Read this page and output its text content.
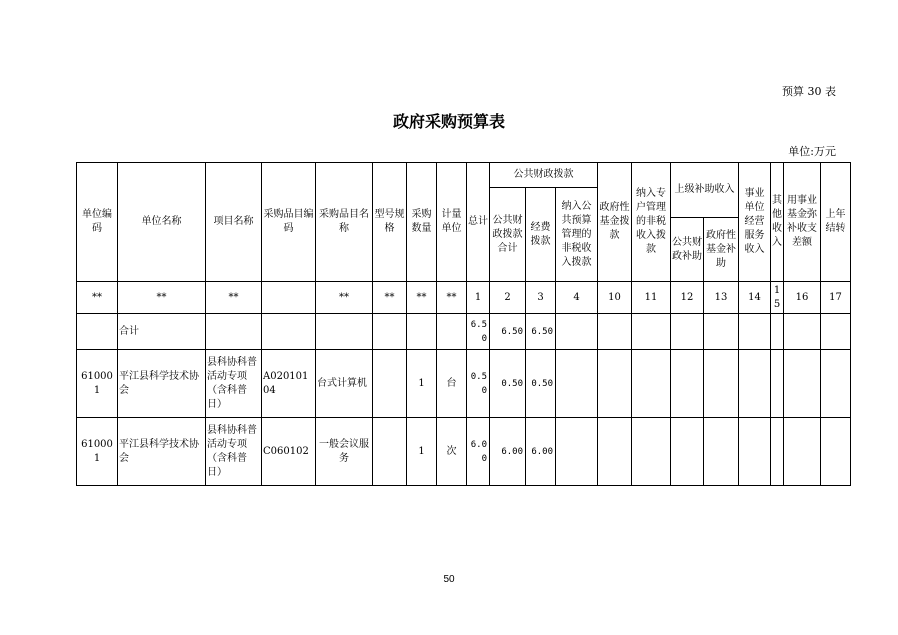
预算 30 表
政府采购预算表
单位:万元
单位编码	单位名称	项目名称	采购品目编码	采购品目名称	型号规格	采购数量	计量单位	总计	公共财政拨款			政府性基金拨款	纳入专户管理的非税收入拨款	上级补助收入		事业单位经营服务收入	其他收入	用事业基金弥补收支差额	上年结转
									公共财政拨款合计	经费拨款	纳入公共预算管理的非税收入拨款								
														公共财政补助	政府性基金补助				
**	**	**		**	**	**	**	1	2	3	4	10	11	12	13	14	15	16	17
	合计							6.50	6.50	6.50									
610001	平江县科学技术协会	县科协科普活动专项（含科普日）	A02010104	台式计算机		1	台	0.50	0.50	0.50									
610001	平江县科学技术协会	县科协科普活动专项（含科普日）	C060102	一般会议服务		1	次	6.00	6.00	6.00									
50
